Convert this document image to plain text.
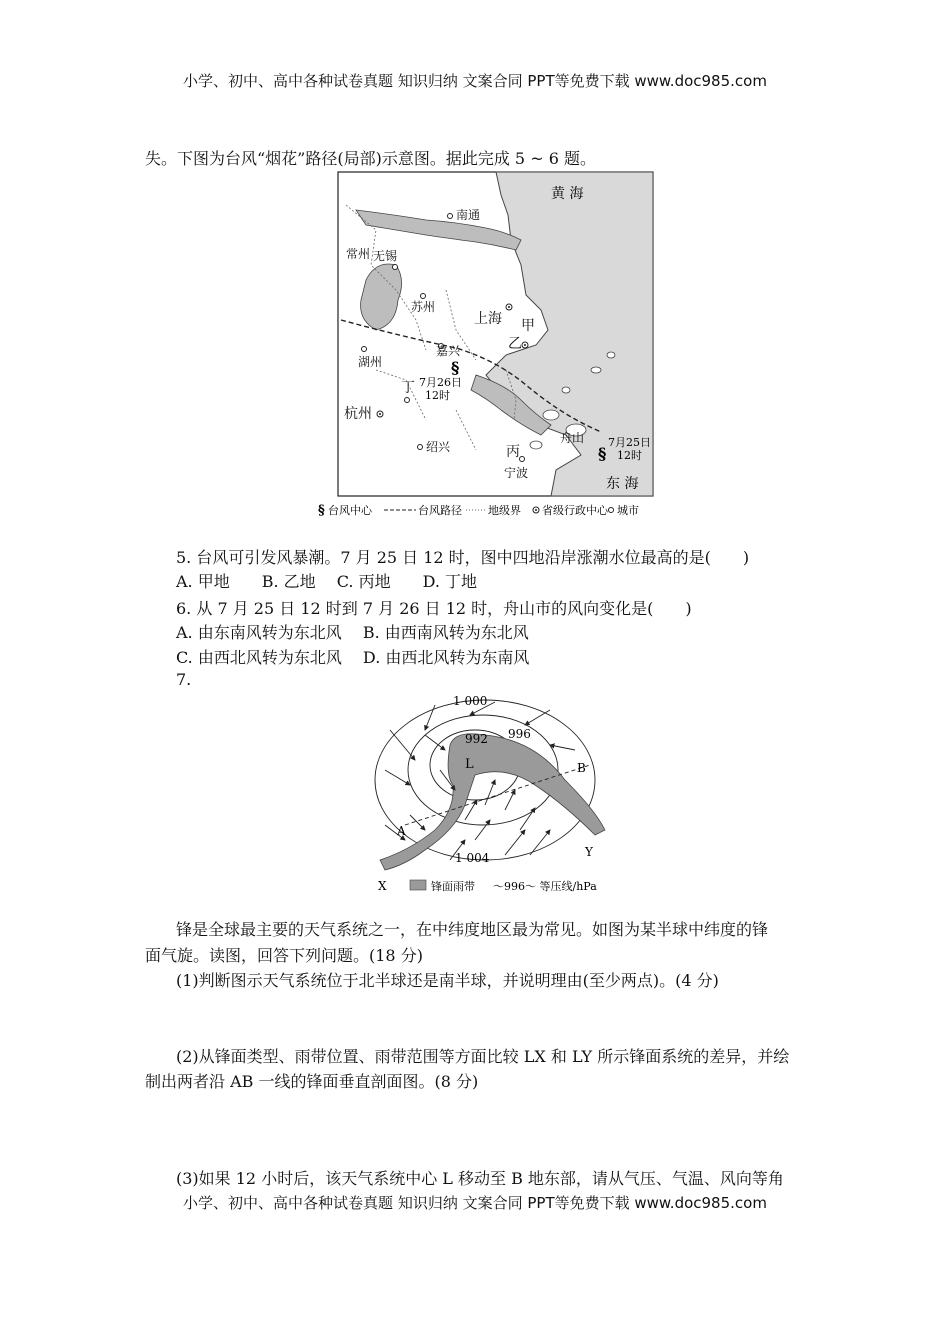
小学、初中、高中各种试卷真题 知识归纳 文案合同 PPT等免费下载 www.doc985.com
失。下图为台风“烟花”路径(局部)示意图。据此完成 5 ~ 6 题。
§
§
7月26日
12时
7月25日
12时
黄 海
东 海
南通
常州 无锡
苏州
上海 甲
乙
湖州
嘉兴
丁
杭州
绍兴	丙
宁波
舟山
§ 台风中心	台风路径 地级界 省级行政中心 城市
5. 台风可引发风暴潮。7 月 25 日 12 时，图中四地沿岸涨潮水位最高的是(　　)
A. 甲地　　B. 乙地　 C. 丙地　　D. 丁地
6. 从 7 月 25 日 12 时到 7 月 26 日 12 时，舟山市的风向变化是(　　)
A. 由东南风转为东北风　 B. 由西南风转为东北风
C. 由西北风转为东北风　 D. 由西北风转为东南风
7.
1 000
996
992
L
A
B
Y
1 004
X	锋面雨带 ～996～ 等压线/hPa
锋是全球最主要的天气系统之一，在中纬度地区最为常见。如图为某半球中纬度的锋
面气旋。读图，回答下列问题。(18 分)
(1)判断图示天气系统位于北半球还是南半球，并说明理由(至少两点)。(4 分)
(2)从锋面类型、雨带位置、雨带范围等方面比较 LX 和 LY 所示锋面系统的差异，并绘
制出两者沿 AB 一线的锋面垂直剖面图。(8 分)
(3)如果 12 小时后，该天气系统中心 L 移动至 B 地东部，请从气压、气温、风向等角
小学、初中、高中各种试卷真题 知识归纳 文案合同 PPT等免费下载 www.doc985.com
